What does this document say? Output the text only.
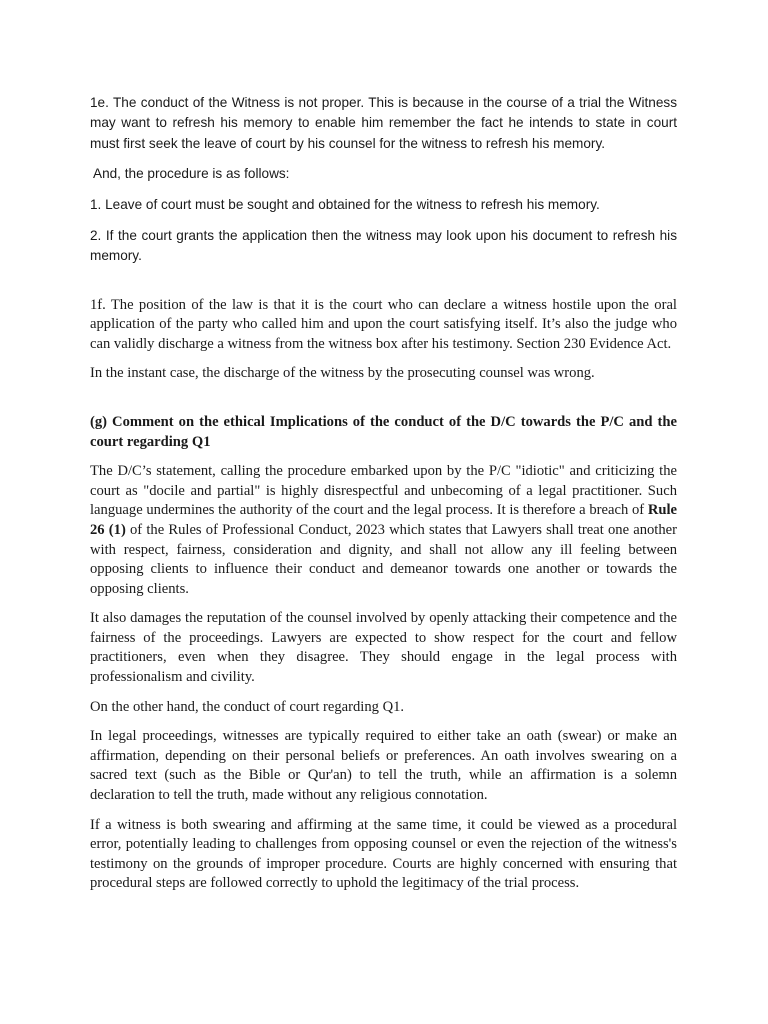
1e. The conduct of the Witness is not proper. This is because in the course of a trial the Witness may want to refresh his memory to enable him remember the fact he intends to state in court must first seek the leave of court by his counsel for the witness to refresh his memory.

And, the procedure is as follows:

1. Leave of court must be sought and obtained for the witness to refresh his memory.

2. If the court grants the application then the witness may look upon his document to refresh his memory.

1f. The position of the law is that it is the court who can declare a witness hostile upon the oral application of the party who called him and upon the court satisfying itself. It’s also the judge who can validly discharge a witness from the witness box after his testimony. Section 230 Evidence Act.

In the instant case, the discharge of the witness by the prosecuting counsel was wrong.

(g) Comment on the ethical Implications of the conduct of the D/C towards the P/C and the court regarding Q1

The D/C’s statement, calling the procedure embarked upon by the P/C "idiotic" and criticizing the court as "docile and partial" is highly disrespectful and unbecoming of a legal practitioner. Such language undermines the authority of the court and the legal process. It is therefore a breach of Rule 26 (1) of the Rules of Professional Conduct, 2023 which states that Lawyers shall treat one another with respect, fairness, consideration and dignity, and shall not allow any ill feeling between opposing clients to influence their conduct and demeanor towards one another or towards the opposing clients.

It also damages the reputation of the counsel involved by openly attacking their competence and the fairness of the proceedings. Lawyers are expected to show respect for the court and fellow practitioners, even when they disagree. They should engage in the legal process with professionalism and civility.

On the other hand, the conduct of court regarding Q1.

In legal proceedings, witnesses are typically required to either take an oath (swear) or make an affirmation, depending on their personal beliefs or preferences. An oath involves swearing on a sacred text (such as the Bible or Qur'an) to tell the truth, while an affirmation is a solemn declaration to tell the truth, made without any religious connotation.

If a witness is both swearing and affirming at the same time, it could be viewed as a procedural error, potentially leading to challenges from opposing counsel or even the rejection of the witness's testimony on the grounds of improper procedure. Courts are highly concerned with ensuring that procedural steps are followed correctly to uphold the legitimacy of the trial process.
